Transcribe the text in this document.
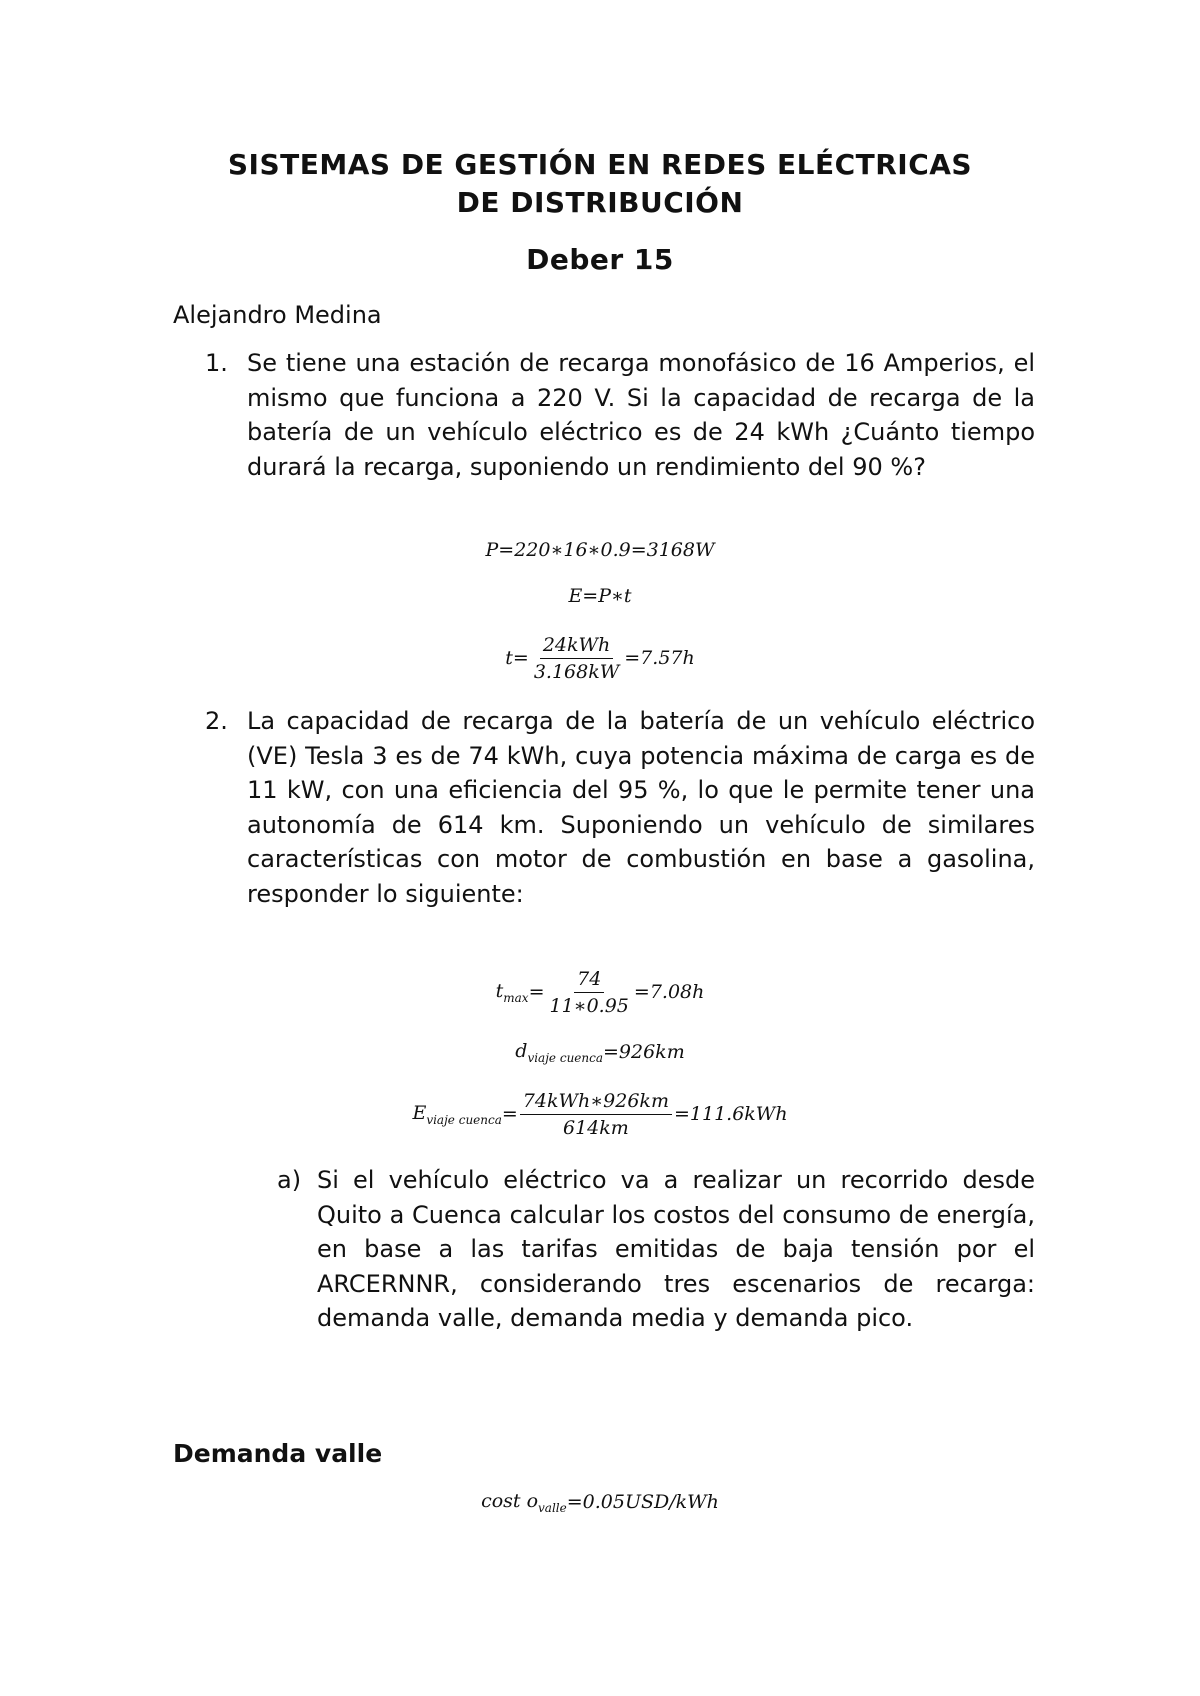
SISTEMAS DE GESTIÓN EN REDES ELÉCTRICAS
DE DISTRIBUCIÓN
Deber 15
Alejandro Medina
1. Se tiene una estación de recarga monofásico de 16 Amperios, el mismo que funciona a 220 V. Si la capacidad de recarga de la batería de un vehículo eléctrico es de 24 kWh ¿Cuánto tiempo durará la recarga, suponiendo un rendimiento del 90 %?
P=220∗16∗0.9=3168W
E=P∗t
$t= \frac{\text{24kWh}}{3.168kW} =7.57h$
2. La capacidad de recarga de la batería de un vehículo eléctrico (VE) Tesla 3 es de 74 kWh, cuya potencia máxima de carga es de 11 kW, con una eficiencia del 95 %, lo que le permite tener una autonomía de 614 km. Suponiendo un vehículo de similares características con motor de combustión en base a gasolina, responder lo siguiente:
$t_{max} = \frac{74}{11∗0.95} =7.08h$
$d_{viaje cuenca} =926km$
$E_{viaje cuenca} = \frac{\text{74kWh∗926km}}{614km} =111.6kWh$
a) Si el vehículo eléctrico va a realizar un recorrido desde Quito a Cuenca calcular los costos del consumo de energía, en base a las tarifas emitidas de baja tensión por el ARCERNNR, considerando tres escenarios de recarga: demanda valle, demanda media y demanda pico.
Demanda valle
cost $o_{valle} =0.05USD/kWh$
